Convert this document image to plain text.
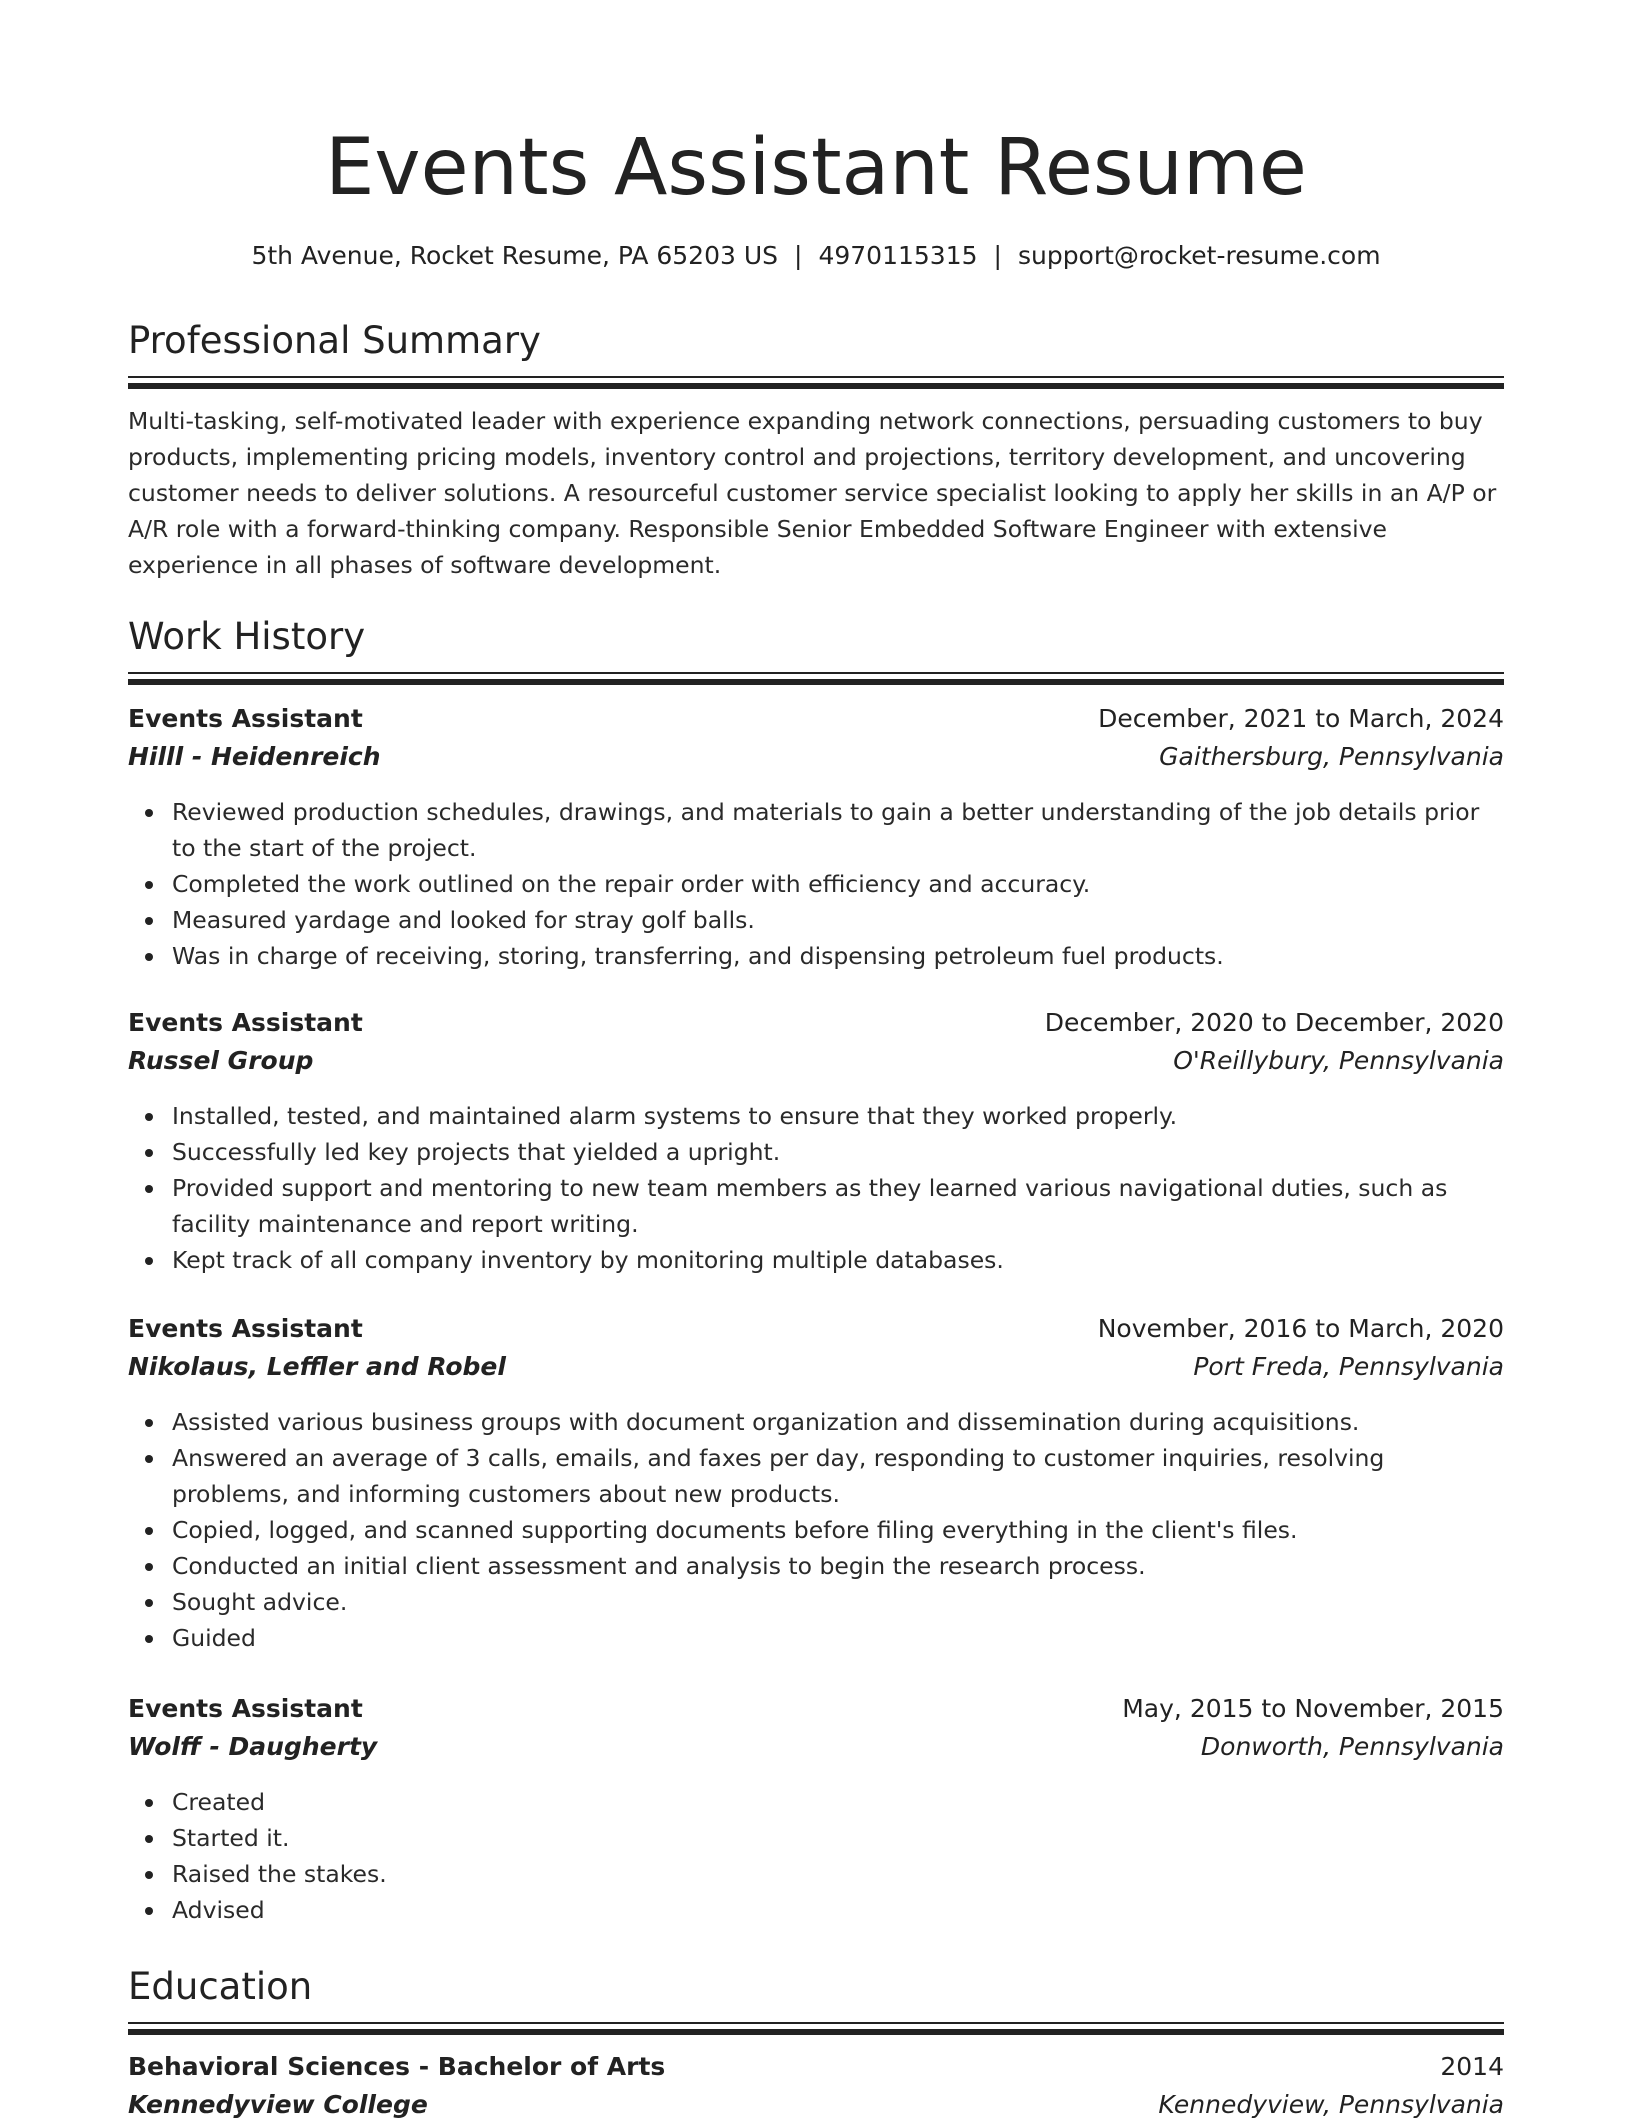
Events Assistant Resume
5th Avenue, Rocket Resume, PA 65203 US | 4970115315 | support@rocket-resume.com
Professional Summary
Multi-tasking, self-motivated leader with experience expanding network connections, persuading customers to buy products, implementing pricing models, inventory control and projections, territory development, and uncovering customer needs to deliver solutions. A resourceful customer service specialist looking to apply her skills in an A/P or A/R role with a forward-thinking company. Responsible Senior Embedded Software Engineer with extensive experience in all phases of software development.
Work History
Events Assistant	December, 2021 to March, 2024
Hilll - Heidenreich	Gaithersburg, Pennsylvania
Reviewed production schedules, drawings, and materials to gain a better understanding of the job details prior to the start of the project.
Completed the work outlined on the repair order with efficiency and accuracy.
Measured yardage and looked for stray golf balls.
Was in charge of receiving, storing, transferring, and dispensing petroleum fuel products.
Events Assistant	December, 2020 to December, 2020
Russel Group	O'Reillybury, Pennsylvania
Installed, tested, and maintained alarm systems to ensure that they worked properly.
Successfully led key projects that yielded a upright.
Provided support and mentoring to new team members as they learned various navigational duties, such as facility maintenance and report writing.
Kept track of all company inventory by monitoring multiple databases.
Events Assistant	November, 2016 to March, 2020
Nikolaus, Leffler and Robel	Port Freda, Pennsylvania
Assisted various business groups with document organization and dissemination during acquisitions.
Answered an average of 3 calls, emails, and faxes per day, responding to customer inquiries, resolving problems, and informing customers about new products.
Copied, logged, and scanned supporting documents before filing everything in the client's files.
Conducted an initial client assessment and analysis to begin the research process.
Sought advice.
Guided
Events Assistant	May, 2015 to November, 2015
Wolff - Daugherty	Donworth, Pennsylvania
Created
Started it.
Raised the stakes.
Advised
Education
Behavioral Sciences - Bachelor of Arts	2014
Kennedyview College	Kennedyview, Pennsylvania
